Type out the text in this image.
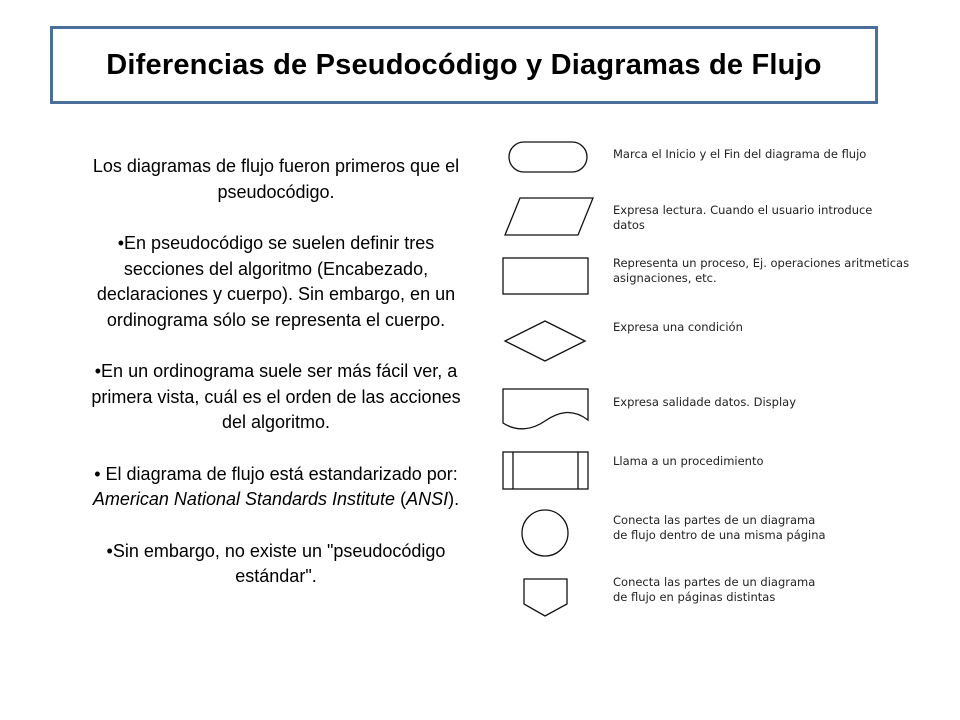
Diferencias de Pseudocódigo y Diagramas de Flujo

Los diagramas de flujo fueron primeros que el pseudocódigo.

•En pseudocódigo se suelen definir tres secciones del algoritmo (Encabezado, declaraciones y cuerpo). Sin embargo, en un ordinograma sólo se representa el cuerpo.

•En un ordinograma suele ser más fácil ver, a primera vista, cuál es el orden de las acciones del algoritmo.

• El diagrama de flujo está estandarizado por: American National Standards Institute (ANSI).

•Sin embargo, no existe un "pseudocódigo estándar".

Marca el Inicio y el Fin del diagrama de flujo
Expresa lectura. Cuando el usuario introduce
datos
Representa un proceso, Ej. operaciones aritmeticas
asignaciones, etc.
Expresa una condición
Expresa salidade datos. Display
Llama a un procedimiento
Conecta las partes de un diagrama
de flujo dentro de una misma página
Conecta las partes de un diagrama
de flujo en páginas distintas
